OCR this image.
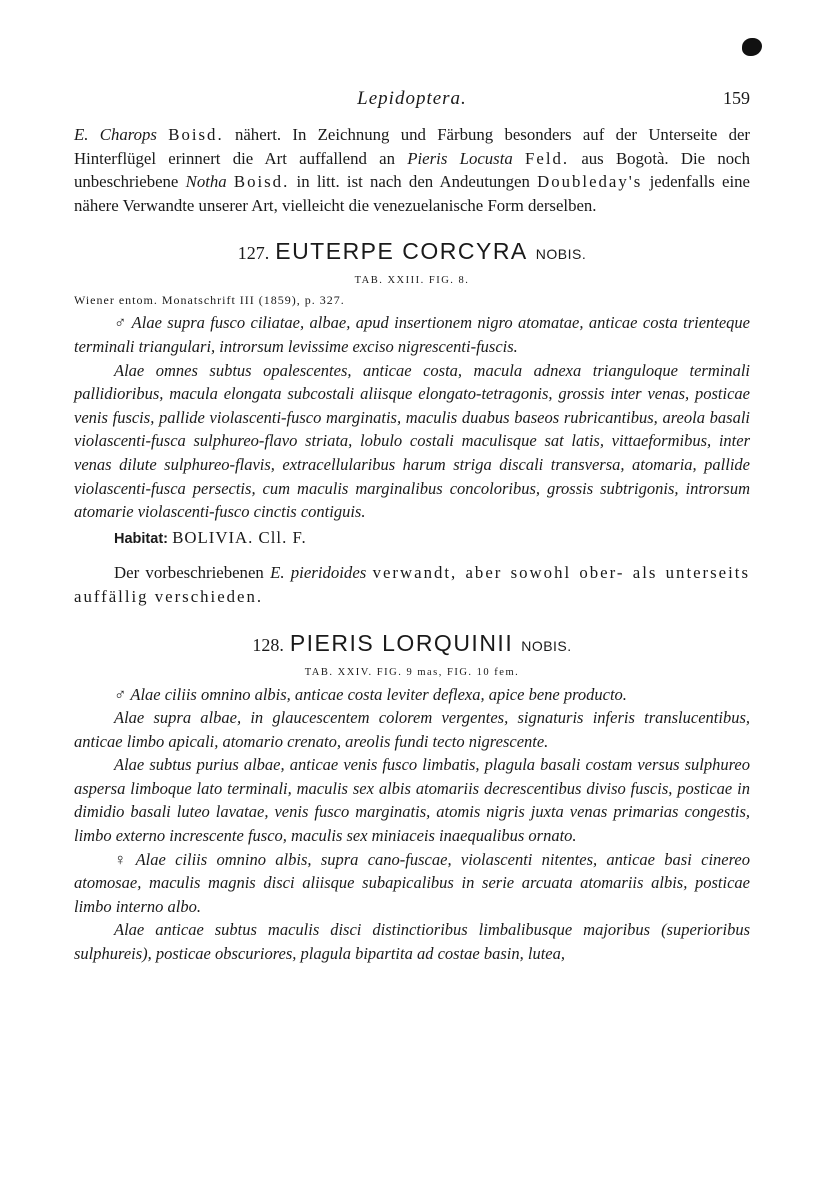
Lepidoptera.	159

E. Charops Boisd. nähert. In Zeichnung und Färbung besonders auf der Unterseite der Hinterflügel erinnert die Art auffallend an Pieris Locusta Feld. aus Bogotà. Die noch unbeschriebene Notha Boisd. in litt. ist nach den Andeutungen Doubleday's jedenfalls eine nähere Verwandte unserer Art, vielleicht die venezuelanische Form derselben.

127. EUTERPE CORCYRA NOBIS.
TAB. XXIII. FIG. 8.
Wiener entom. Monatschrift III (1859), p. 327.

♂ Alae supra fusco ciliatae, albae, apud insertionem nigro atomatae, anticae costa trienteque terminali triangulari, introrsum levissime exciso nigrescenti-fuscis.

Alae omnes subtus opalescentes, anticae costa, macula adnexa trianguloque terminali pallidioribus, macula elongata subcostali aliisque elongato-tetragonis, grossis inter venas, posticae venis fuscis, pallide violascenti-fusco marginatis, maculis duabus baseos rubricantibus, areola basali violascenti-fusca sulphureo-flavo striata, lobulo costali maculisque sat latis, vittaeformibus, inter venas dilute sulphureo-flavis, extracellularibus harum striga discali transversa, atomaria, pallide violascenti-fusca persectis, cum maculis marginalibus concoloribus, grossis subtrigonis, introrsum atomarie violascenti-fusco cinctis contiguis.

Habitat: BOLIVIA. Cll. F.

Der vorbeschriebenen E. pieridoides verwandt, aber sowohl ober- als unterseits auffällig verschieden.

128. PIERIS LORQUINII NOBIS.
TAB. XXIV. FIG. 9 mas, FIG. 10 fem.

♂ Alae ciliis omnino albis, anticae costa leviter deflexa, apice bene producto.

Alae supra albae, in glaucescentem colorem vergentes, signaturis inferis translucentibus, anticae limbo apicali, atomario crenato, areolis fundi tecto nigrescente.

Alae subtus purius albae, anticae venis fusco limbatis, plagula basali costam versus sulphureo aspersa limboque lato terminali, maculis sex albis atomariis decrescentibus diviso fuscis, posticae in dimidio basali luteo lavatae, venis fusco marginatis, atomis nigris juxta venas primarias congestis, limbo externo increscente fusco, maculis sex miniaceis inaequalibus ornato.

♀ Alae ciliis omnino albis, supra cano-fuscae, violascenti nitentes, anticae basi cinereo atomosae, maculis magnis disci aliisque subapicalibus in serie arcuata atomariis albis, posticae limbo interno albo.

Alae anticae subtus maculis disci distinctioribus limbalibusque majoribus (superioribus sulphureis), posticae obscuriores, plagula bipartita ad costae basin, lutea,
